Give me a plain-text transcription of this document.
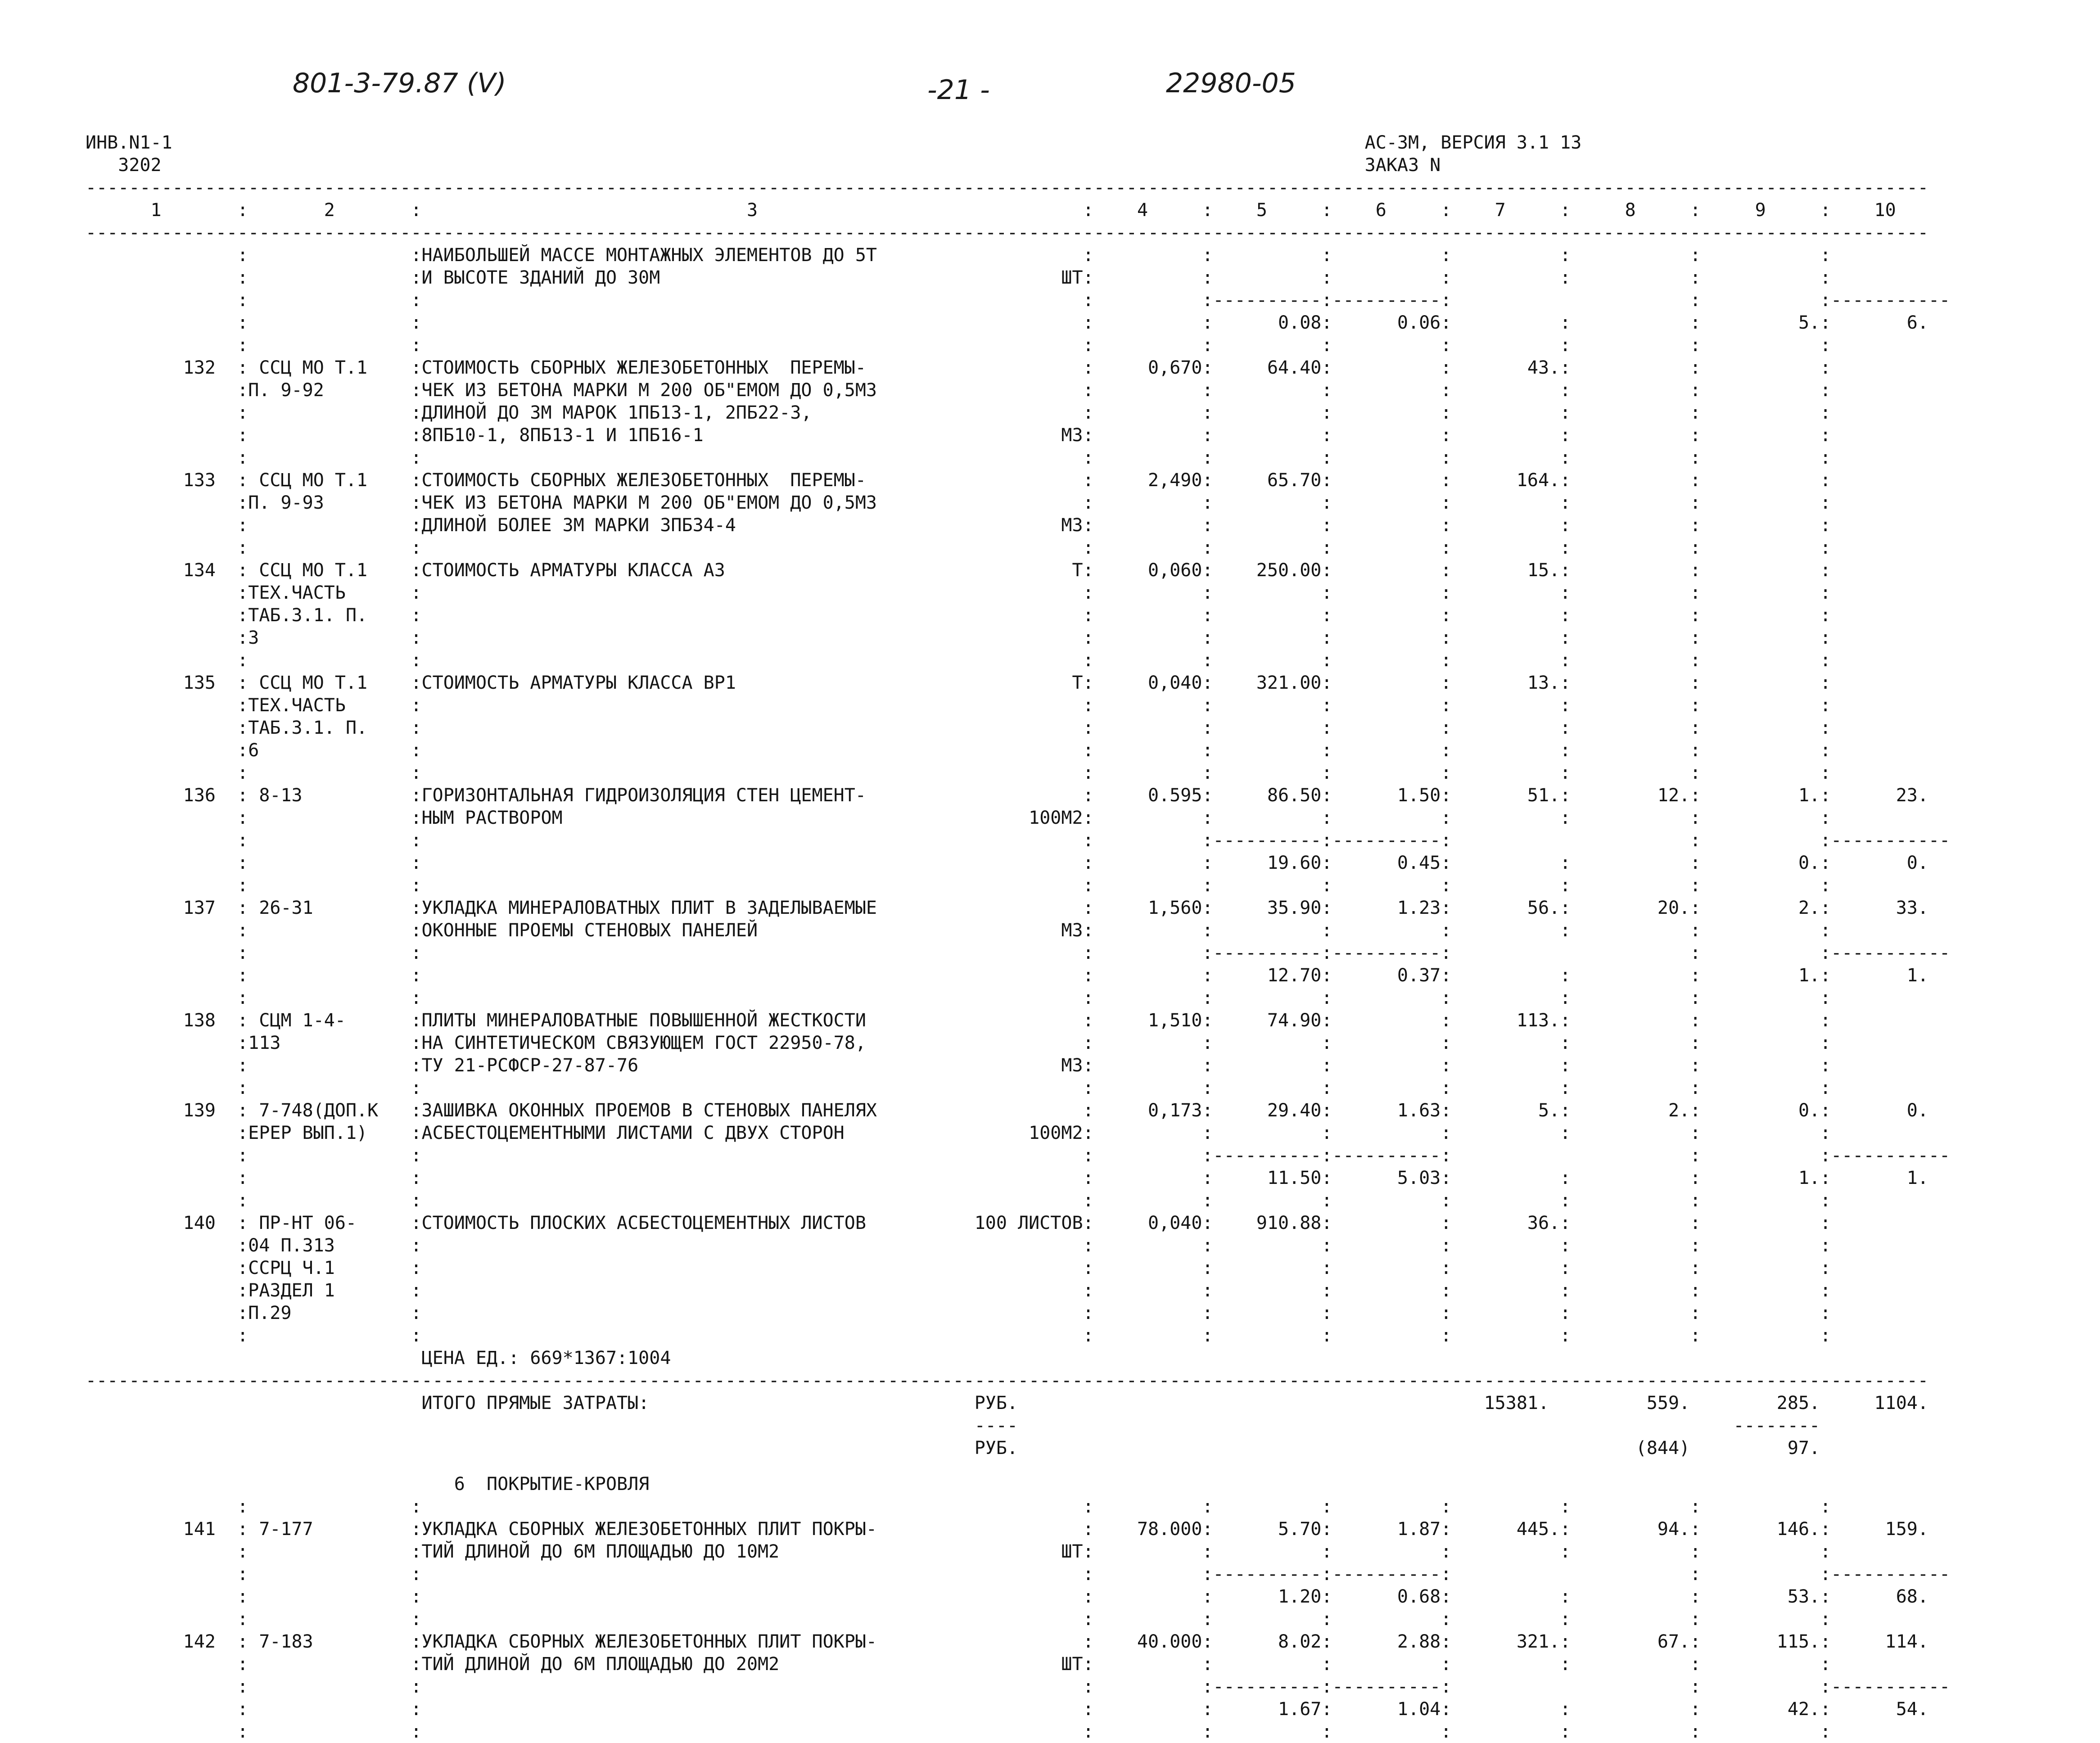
801-3-79.87 (V)	-21 -	22980-05
ИНВ.N1-1                                                                                                              АС-3М, ВЕРСИЯ 3.1 13
3202                                                                                                               ЗАКАЗ N
--------------------------------------------------------------------------------------------------------------------------------------------------------------------------
1       :       2       :                              3                              :    4     :    5     :    6     :    7     :     8     :     9     :    10
--------------------------------------------------------------------------------------------------------------------------------------------------------------------------
:               :НАИБОЛЬШЕЙ МАССЕ МОНТАЖНЫХ ЭЛЕМЕНТОВ ДО 5Т                   :          :          :          :          :           :           :
:               :И ВЫСОТЕ ЗДАНИЙ ДО 30М                                     ШТ:          :          :          :          :           :           :
:               :                                                             :          :----------:----------:                      :           :-----------
:               :                                                             :          :      0.08:      0.06:          :           :         5.:       6.
:               :                                                             :          :          :          :          :           :           :
132  : ССЦ МО Т.1    :СТОИМОСТЬ СБОРНЫХ ЖЕЛЕЗОБЕТОННЫХ  ПЕРЕМЫ-                    :     0,670:     64.40:          :       43.:           :           :
:П. 9-92        :ЧЕК ИЗ БЕТОНА МАРКИ М 200 ОБ"ЕМОМ ДО 0,5М3                   :          :          :          :          :           :           :
:               :ДЛИНОЙ ДО 3М МАРОК 1ПБ13-1, 2ПБ22-3,                         :          :          :          :          :           :           :
:               :8ПБ10-1, 8ПБ13-1 И 1ПБ16-1                                 М3:          :          :          :          :           :           :
:               :                                                             :          :          :          :          :           :           :
133  : ССЦ МО Т.1    :СТОИМОСТЬ СБОРНЫХ ЖЕЛЕЗОБЕТОННЫХ  ПЕРЕМЫ-                    :     2,490:     65.70:          :      164.:           :           :
:П. 9-93        :ЧЕК ИЗ БЕТОНА МАРКИ М 200 ОБ"ЕМОМ ДО 0,5М3                   :          :          :          :          :           :           :
:               :ДЛИНОЙ БОЛЕЕ 3М МАРКИ 3ПБ34-4                              М3:          :          :          :          :           :           :
:               :                                                             :          :          :          :          :           :           :
134  : ССЦ МО Т.1    :СТОИМОСТЬ АРМАТУРЫ КЛАССА А3                                Т:     0,060:    250.00:          :       15.:           :           :
:ТЕХ.ЧАСТЬ      :                                                             :          :          :          :          :           :           :
:ТАБ.3.1. П.    :                                                             :          :          :          :          :           :           :
:3              :                                                             :          :          :          :          :           :           :
:               :                                                             :          :          :          :          :           :           :
135  : ССЦ МО Т.1    :СТОИМОСТЬ АРМАТУРЫ КЛАССА ВР1                               Т:     0,040:    321.00:          :       13.:           :           :
:ТЕХ.ЧАСТЬ      :                                                             :          :          :          :          :           :           :
:ТАБ.3.1. П.    :                                                             :          :          :          :          :           :           :
:6              :                                                             :          :          :          :          :           :           :
:               :                                                             :          :          :          :          :           :           :
136  : 8-13          :ГОРИЗОНТАЛЬНАЯ ГИДРОИЗОЛЯЦИЯ СТЕН ЦЕМЕНТ-                    :     0.595:     86.50:      1.50:       51.:        12.:         1.:      23.
:               :НЫМ РАСТВОРОМ                                           100М2:          :          :          :          :           :           :
:               :                                                             :          :----------:----------:                      :           :-----------
:               :                                                             :          :     19.60:      0.45:          :           :         0.:       0.
:               :                                                             :          :          :          :          :           :           :
137  : 26-31         :УКЛАДКА МИНЕРАЛОВАТНЫХ ПЛИТ В ЗАДЕЛЫВАЕМЫЕ                   :     1,560:     35.90:      1.23:       56.:        20.:         2.:      33.
:               :ОКОННЫЕ ПРОЕМЫ СТЕНОВЫХ ПАНЕЛЕЙ                            М3:          :          :          :          :           :           :
:               :                                                             :          :----------:----------:                      :           :-----------
:               :                                                             :          :     12.70:      0.37:          :           :         1.:       1.
:               :                                                             :          :          :          :          :           :           :
138  : СЦМ 1-4-      :ПЛИТЫ МИНЕРАЛОВАТНЫЕ ПОВЫШЕННОЙ ЖЕСТКОСТИ                    :     1,510:     74.90:          :      113.:           :           :
:113            :НА СИНТЕТИЧЕСКОМ СВЯЗУЮЩЕМ ГОСТ 22950-78,                    :          :          :          :          :           :           :
:               :ТУ 21-РСФСР-27-87-76                                       М3:          :          :          :          :           :           :
:               :                                                             :          :          :          :          :           :           :
139  : 7-748(ДОП.К   :ЗАШИВКА ОКОННЫХ ПРОЕМОВ В СТЕНОВЫХ ПАНЕЛЯХ                   :     0,173:     29.40:      1.63:        5.:         2.:         0.:       0.
:ЕРЕР ВЫП.1)    :АСБЕСТОЦЕМЕНТНЫМИ ЛИСТАМИ С ДВУХ СТОРОН                 100М2:          :          :          :          :           :           :
:               :                                                             :          :----------:----------:                      :           :-----------
:               :                                                             :          :     11.50:      5.03:          :           :         1.:       1.
:               :                                                             :          :          :          :          :           :           :
140  : ПР-НТ 06-     :СТОИМОСТЬ ПЛОСКИХ АСБЕСТОЦЕМЕНТНЫХ ЛИСТОВ          100 ЛИСТОВ:     0,040:    910.88:          :       36.:           :           :
:04 П.313       :                                                             :          :          :          :          :           :           :
:ССРЦ Ч.1       :                                                             :          :          :          :          :           :           :
:РАЗДЕЛ 1       :                                                             :          :          :          :          :           :           :
:П.29           :                                                             :          :          :          :          :           :           :
:               :                                                             :          :          :          :          :           :           :
ЦЕНА ЕД.: 669*1367:1004
--------------------------------------------------------------------------------------------------------------------------------------------------------------------------
ИТОГО ПРЯМЫЕ ЗАТРАТЫ:                              РУБ.                                           15381.         559.        285.     1104.
----                                                                  --------
РУБ.                                                         (844)         97.
6  ПОКРЫТИЕ-КРОВЛЯ
:               :                                                             :          :          :          :          :           :           :
141  : 7-177         :УКЛАДКА СБОРНЫХ ЖЕЛЕЗОБЕТОННЫХ ПЛИТ ПОКРЫ-                   :    78.000:      5.70:      1.87:      445.:        94.:       146.:     159.
:               :ТИЙ ДЛИНОЙ ДО 6М ПЛОЩАДЬЮ ДО 10М2                          ШТ:          :          :          :          :           :           :
:               :                                                             :          :----------:----------:                      :           :-----------
:               :                                                             :          :      1.20:      0.68:          :           :        53.:      68.
:               :                                                             :          :          :          :          :           :           :
142  : 7-183         :УКЛАДКА СБОРНЫХ ЖЕЛЕЗОБЕТОННЫХ ПЛИТ ПОКРЫ-                   :    40.000:      8.02:      2.88:      321.:        67.:       115.:     114.
:               :ТИЙ ДЛИНОЙ ДО 6М ПЛОЩАДЬЮ ДО 20М2                          ШТ:          :          :          :          :           :           :
:               :                                                             :          :----------:----------:                      :           :-----------
:               :                                                             :          :      1.67:      1.04:          :           :        42.:      54.
:               :                                                             :          :          :          :          :           :           :
